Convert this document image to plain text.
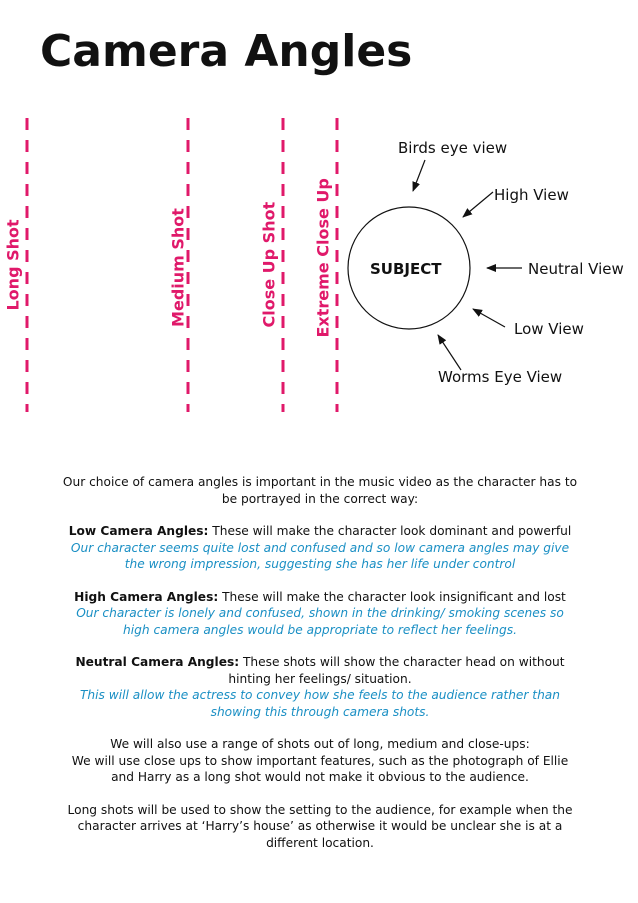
Camera Angles
Long Shot	Medium Shot	Close Up Shot Extreme Close Up	SUBJECT
Birds eye view
High View
Neutral View
Low View
Worms Eye View

Our choice of camera angles is important in the music video as the character has to be portrayed in the correct way:

Low Camera Angles: These will make the character look dominant and powerful

Our character seems quite lost and confused and so low camera angles may give the wrong impression, suggesting she has her life under control

High Camera Angles: These will make the character look insignificant and lost

Our character is lonely and confused, shown in the drinking/ smoking scenes so high camera angles would be appropriate to reflect her feelings.

Neutral Camera Angles: These shots will show the character head on without hinting her feelings/ situation.

This will allow the actress to convey how she feels to the audience rather than showing this through camera shots.

We will also use a range of shots out of long, medium and close-ups:

We will use close ups to show important features, such as the photograph of Ellie and Harry as a long shot would not make it obvious to the audience.

Long shots will be used to show the setting to the audience, for example when the character arrives at ‘Harry’s house’ as otherwise it would be unclear she is at a different location.
